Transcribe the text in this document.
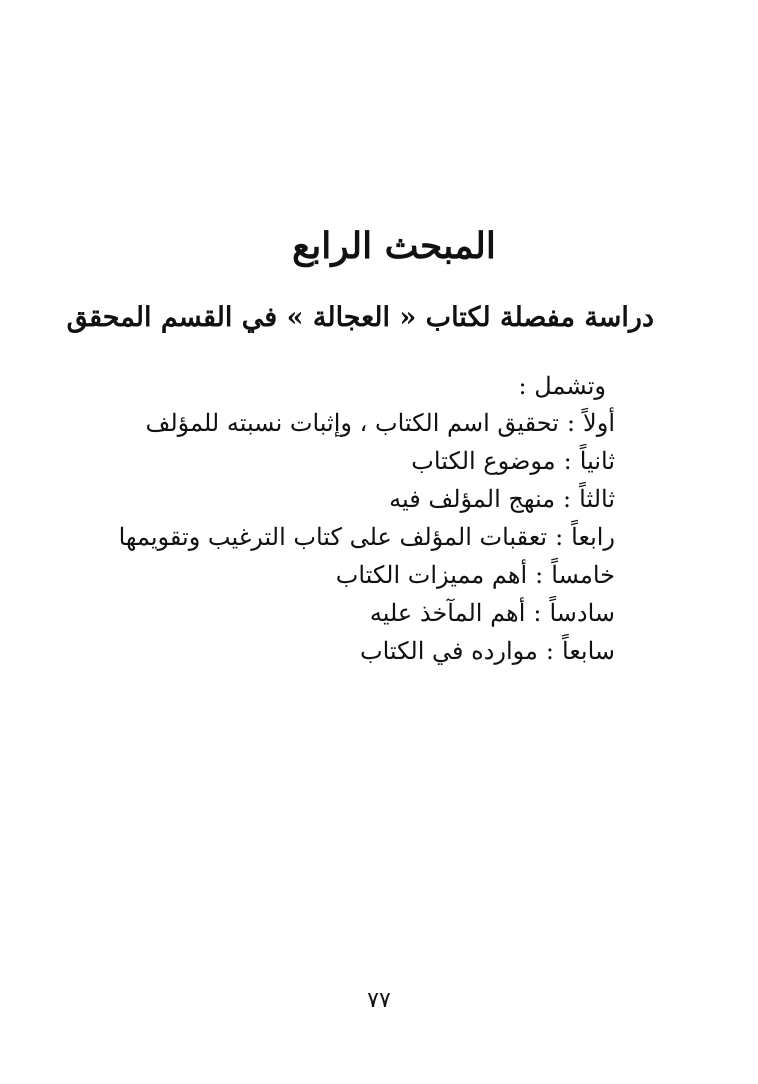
المبحث الرابع
دراسة مفصلة لكتاب « العجالة » في القسم المحقق

وتشمل :

أولاً:تحقيق اسم الكتاب ، وإثبات نسبته للمؤلف
ثانياً:موضوع الكتاب
ثالثاً:منهج المؤلف فيه
رابعاً:تعقبات المؤلف على كتاب الترغيب وتقويمها
خامساً:أهم مميزات الكتاب
سادساً:أهم المآخذ عليه
سابعاً:موارده في الكتاب

٧٧
